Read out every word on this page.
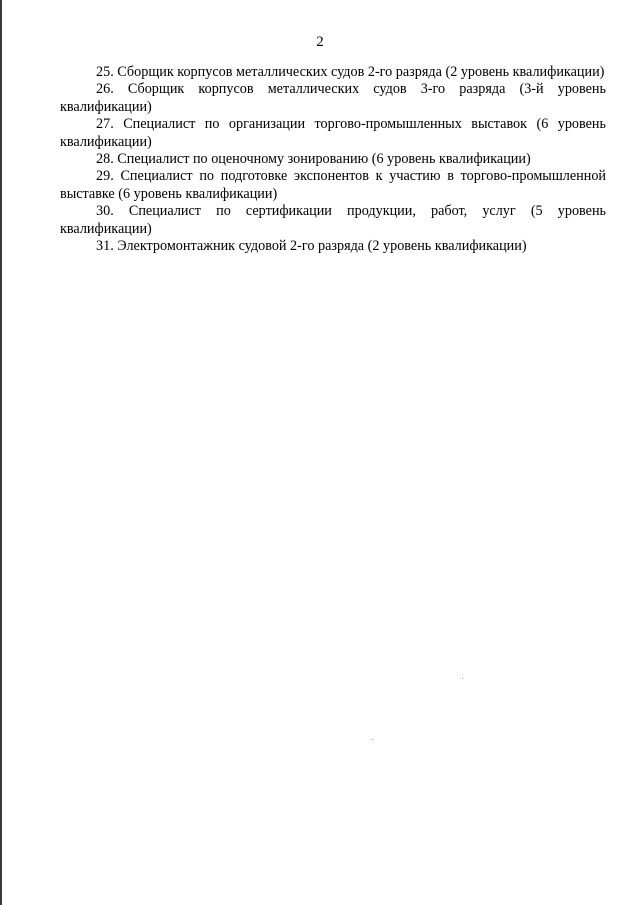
2

25. Сборщик корпусов металлических судов 2-го разряда (2 уровень квалификации)

26. Сборщик корпусов металлических судов 3-го разряда (3-й уровень квалификации)

27. Специалист по организации торгово-промышленных выставок (6 уровень квалификации)

28. Специалист по оценочному зонированию (6 уровень квалификации)

29. Специалист по подготовке экспонентов к участию в торгово-промышленной выставке (6 уровень квалификации)

30. Специалист по сертификации продукции, работ, услуг (5 уровень квалификации)

31. Электромонтажник судовой 2-го разряда (2 уровень квалификации)
